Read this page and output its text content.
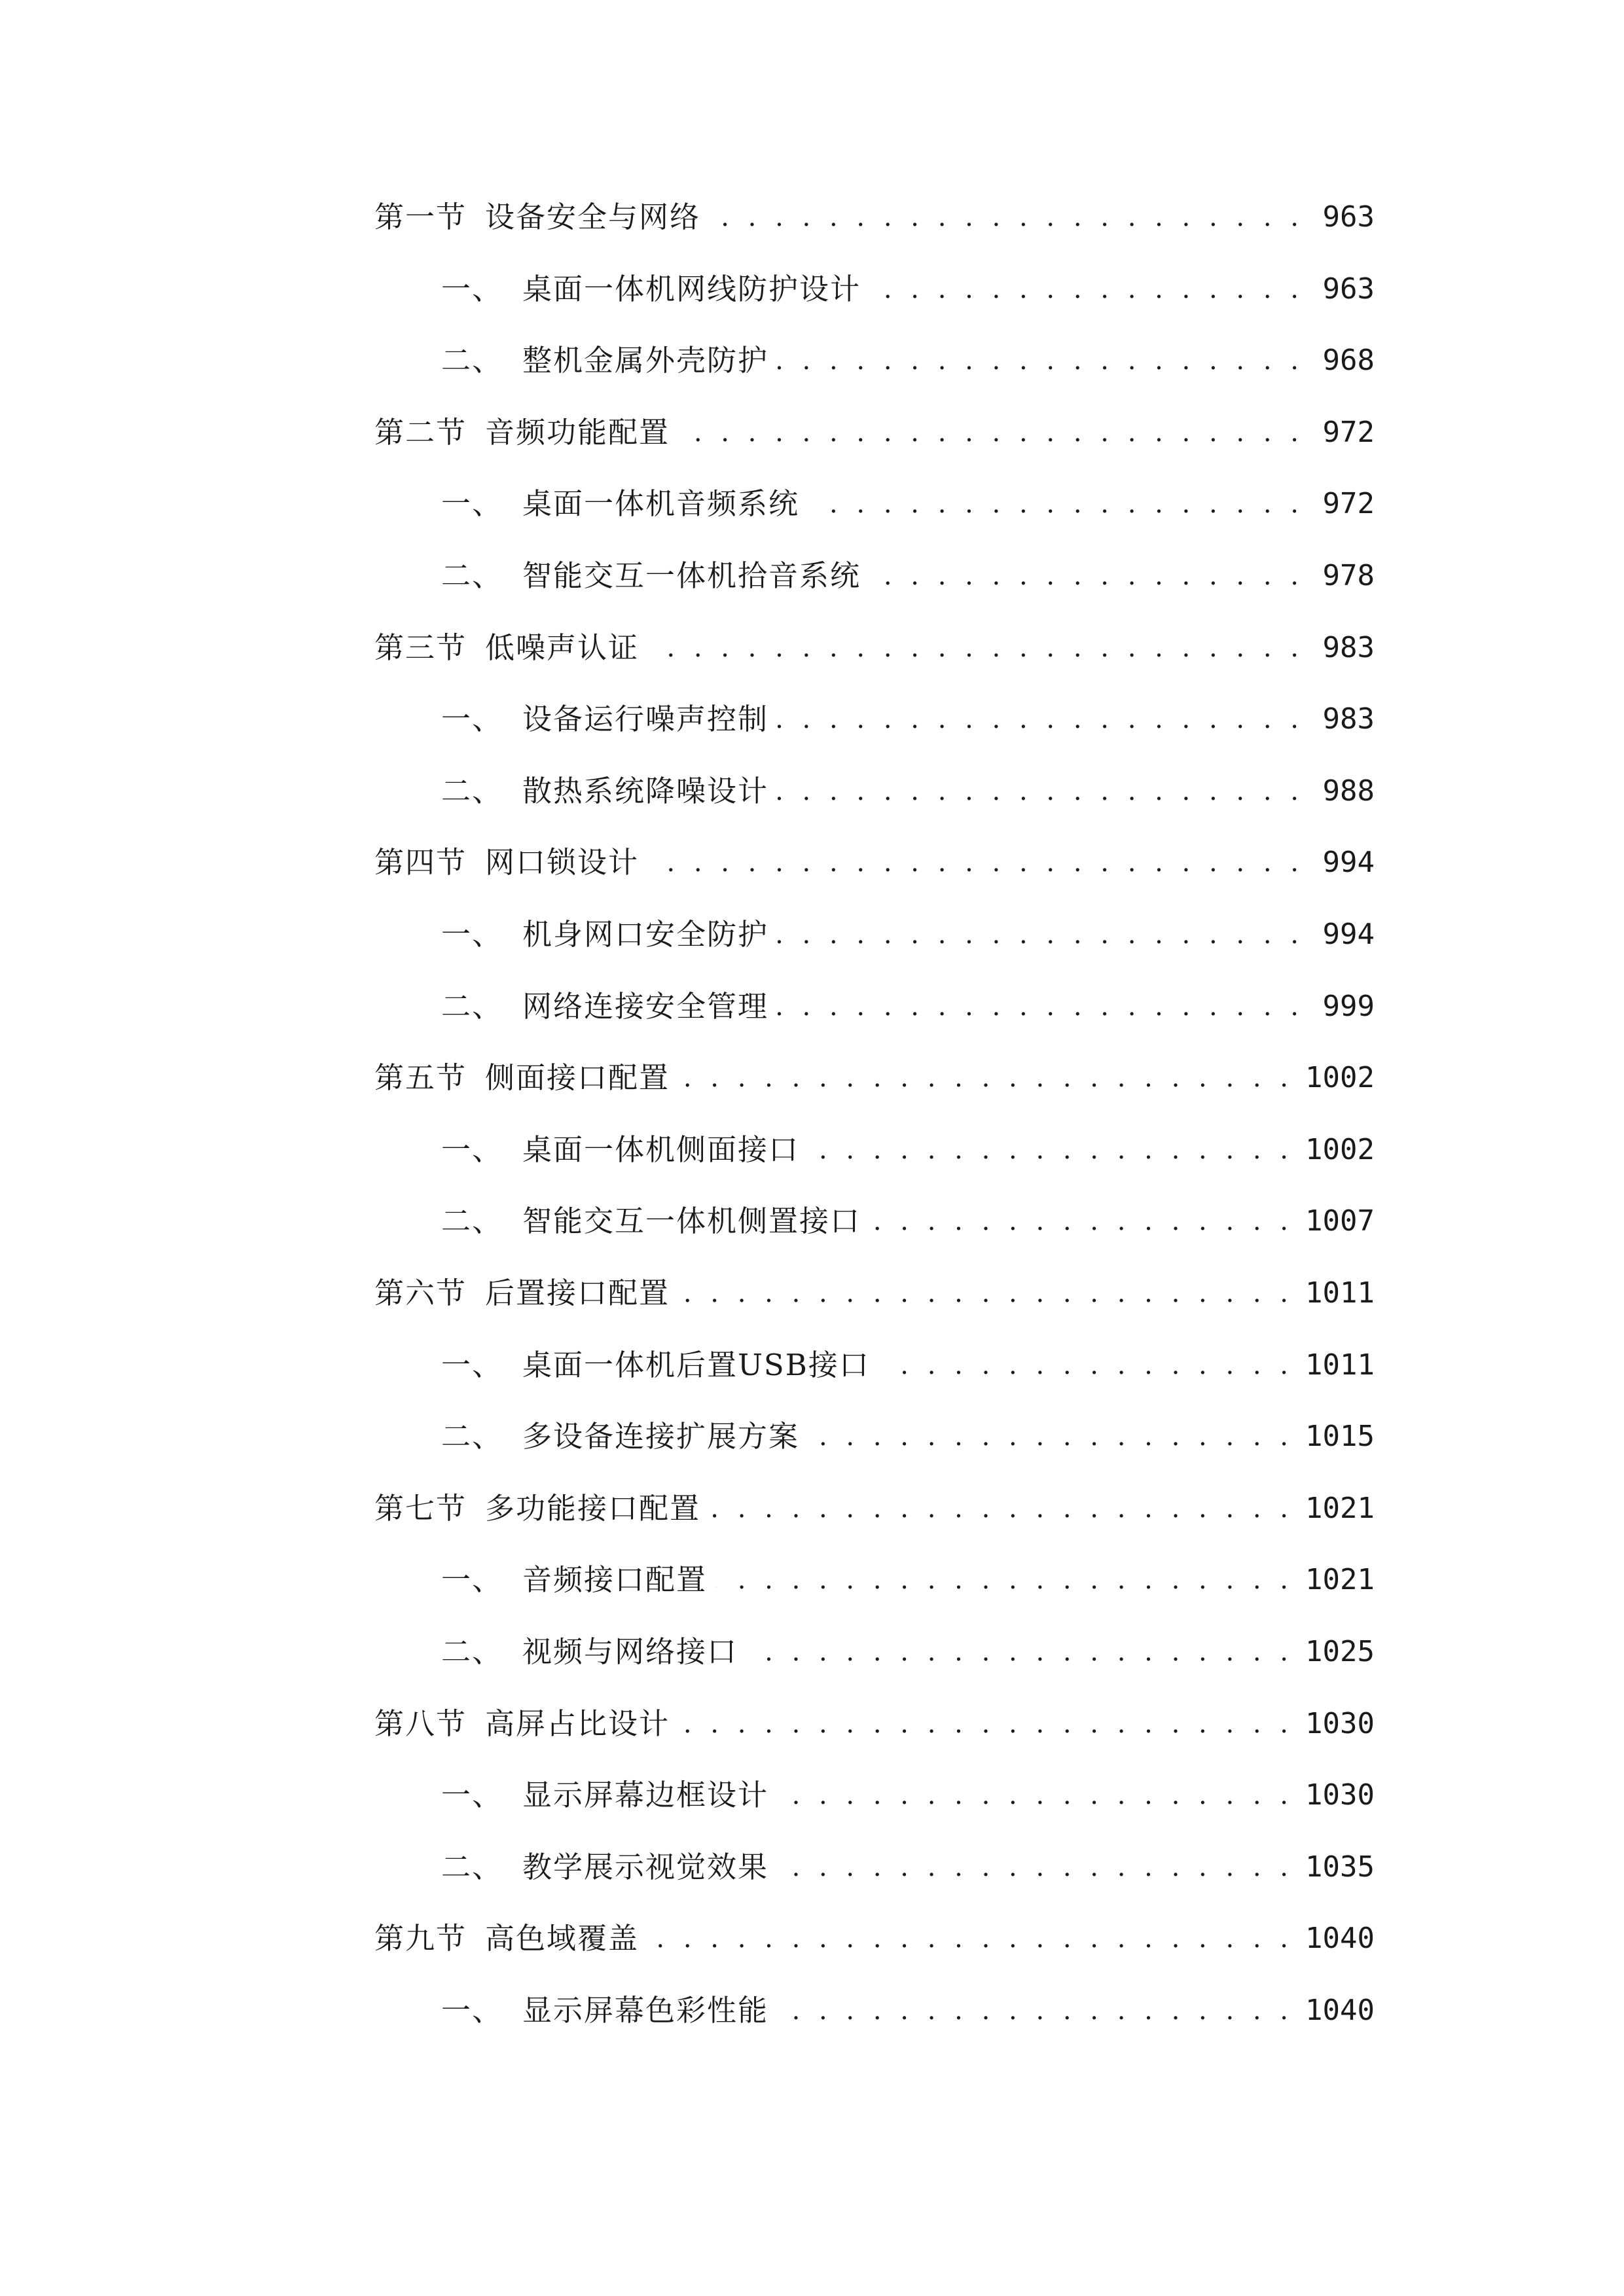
第一节 设备安全与网络 . . .	963
一、 桌面一体机网线防护设计 . . .	963
二、 整机金属外壳防护 . . .	968
第二节 音频功能配置 . . .	972
一、 桌面一体机音频系统 . . .	972
二、 智能交互一体机拾音系统 . . .	978
第三节 低噪声认证 . . .	983
一、 设备运行噪声控制 . . .	983
二、 散热系统降噪设计 . . .	988
第四节 网口锁设计 . . .	994
一、 机身网口安全防护 . . .	994
二、 网络连接安全管理 . . .	999
第五节 侧面接口配置 . . .	1002
一、 桌面一体机侧面接口 . . .	1002
二、 智能交互一体机侧置接口 . . .	1007
第六节 后置接口配置 . . .	1011
一、 桌面一体机后置USB接口 . . .	1011
二、 多设备连接扩展方案 . . .	1015
第七节 多功能接口配置 . . .	1021
一、 音频接口配置 . . .	1021
二、 视频与网络接口 . . .	1025
第八节 高屏占比设计 . . .	1030
一、 显示屏幕边框设计 . . .	1030
二、 教学展示视觉效果 . . .	1035
第九节 高色域覆盖 . . .	1040
一、 显示屏幕色彩性能 . . .	1040
